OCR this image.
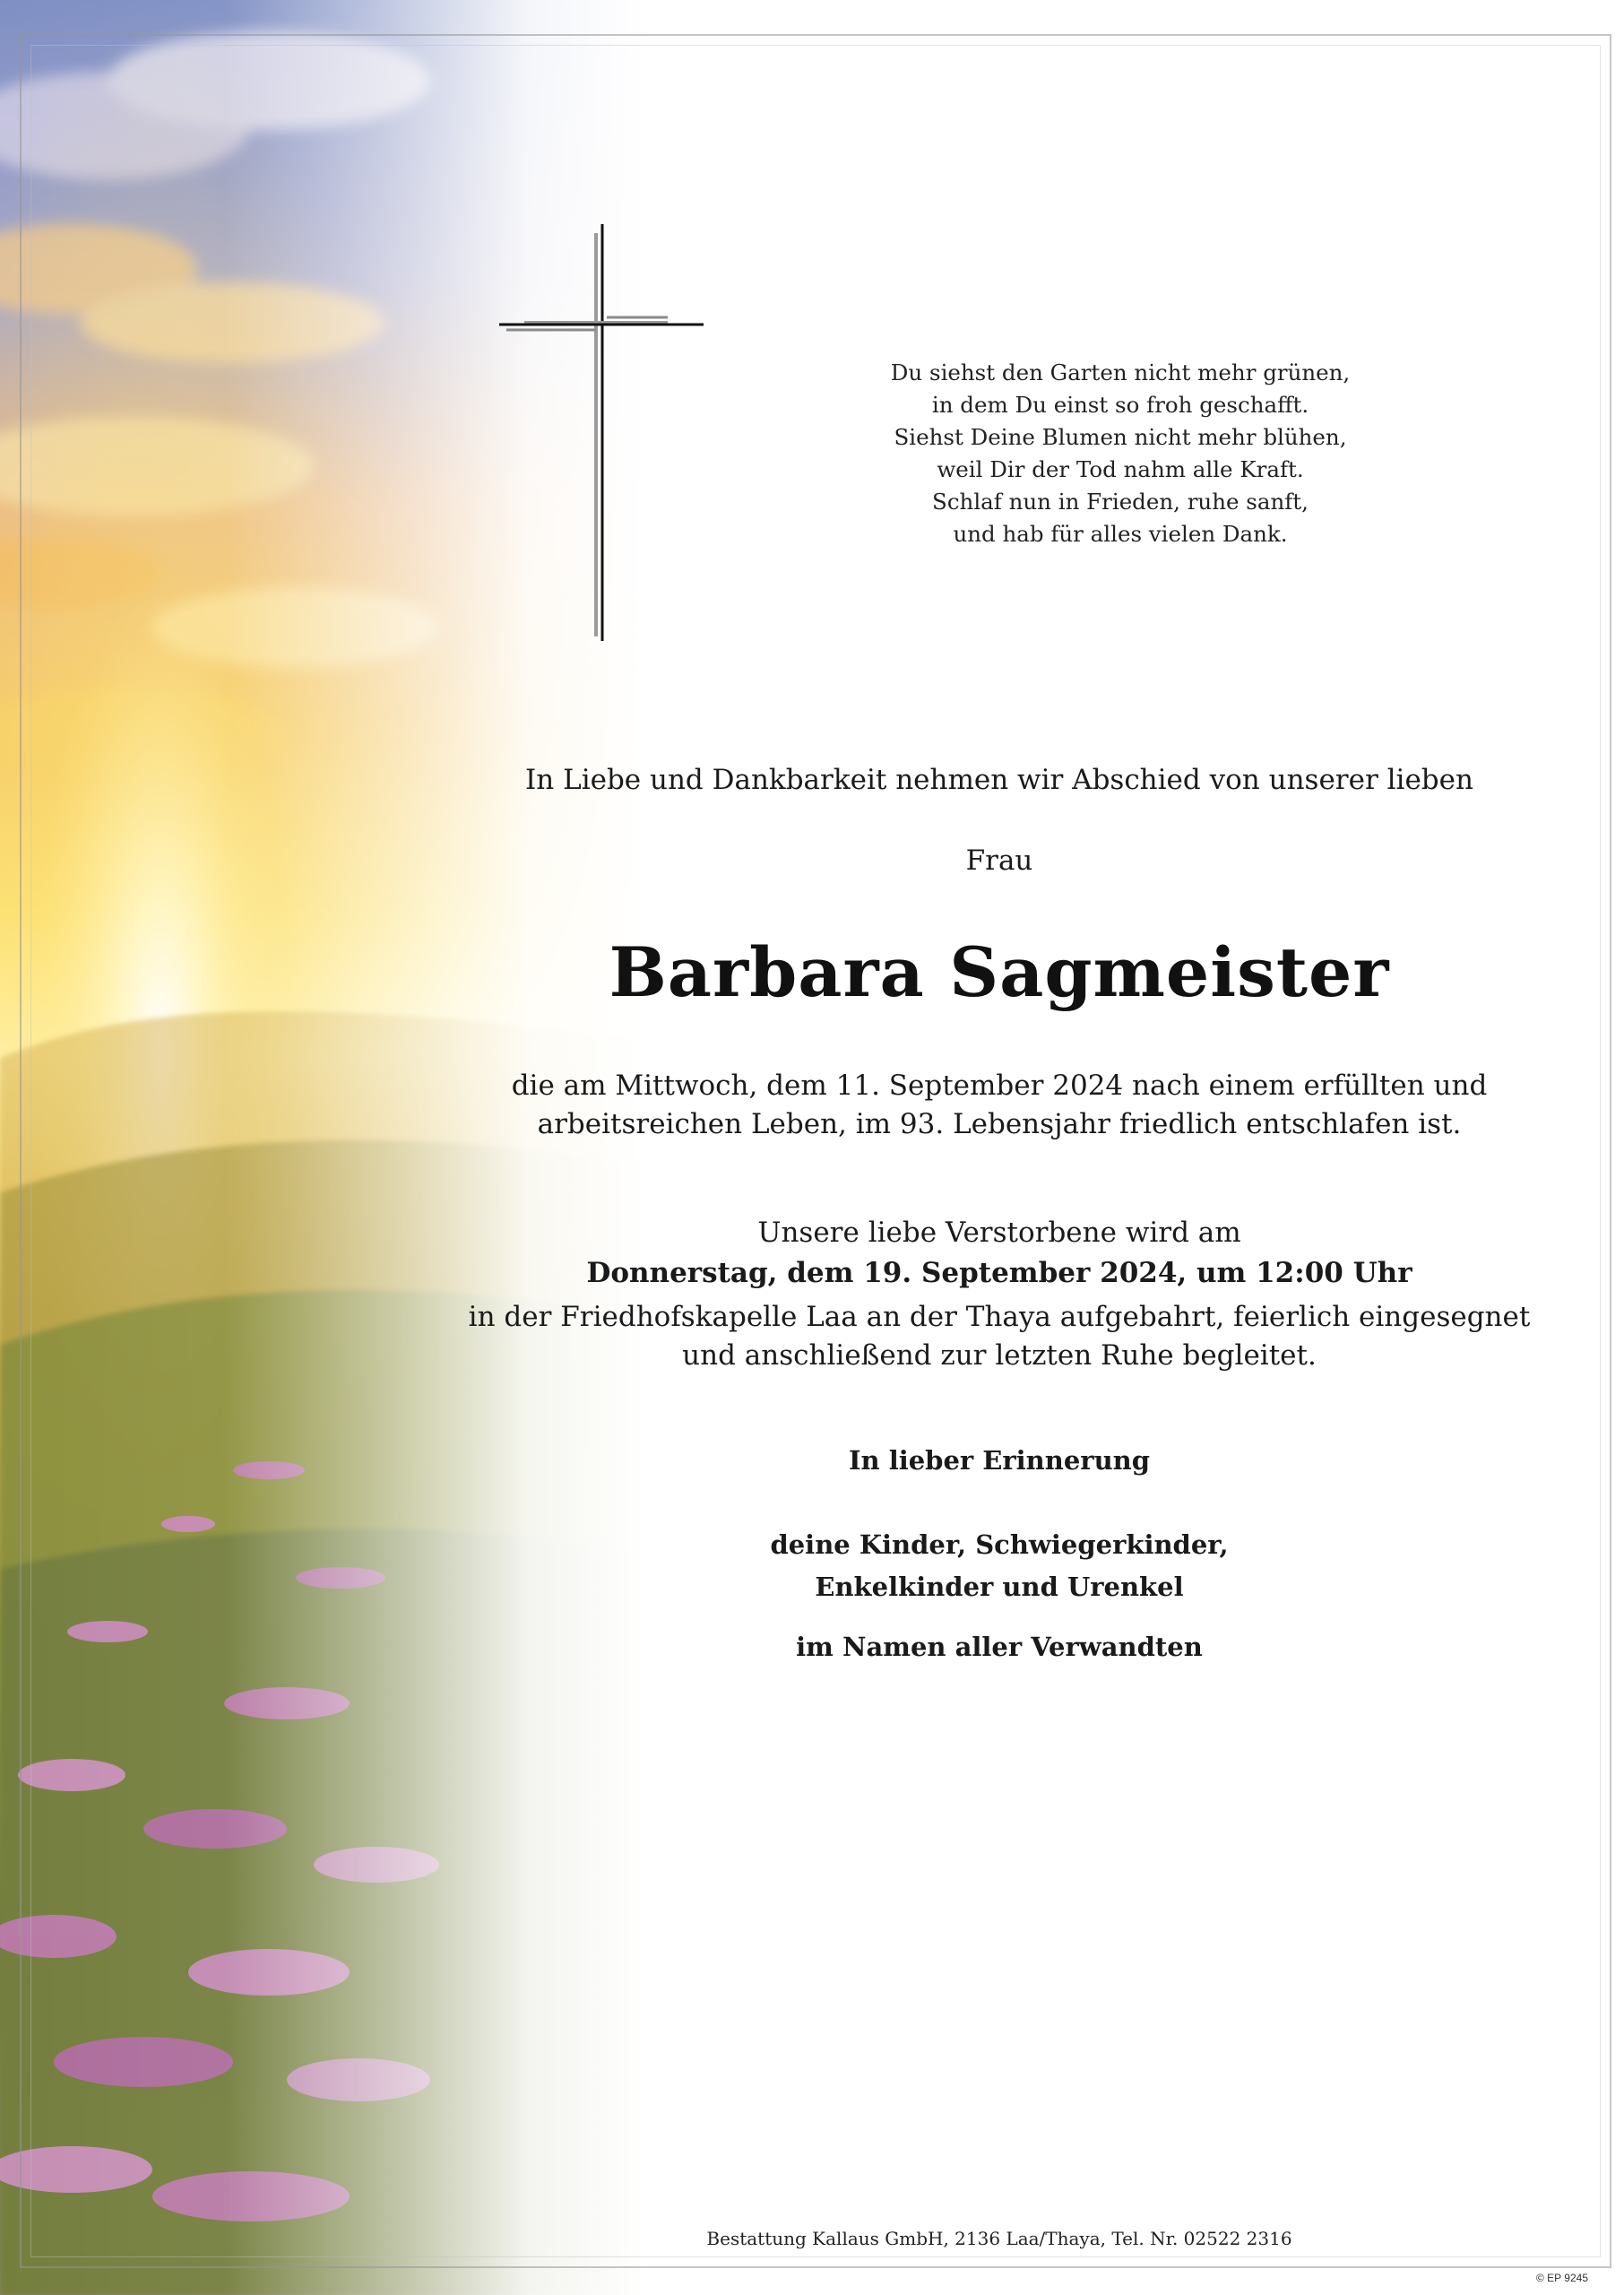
Du siehst den Garten nicht mehr grünen,
in dem Du einst so froh geschafft.
Siehst Deine Blumen nicht mehr blühen,
weil Dir der Tod nahm alle Kraft.
Schlaf nun in Frieden, ruhe sanft,
und hab für alles vielen Dank.
In Liebe und Dankbarkeit nehmen wir Abschied von unserer lieben
Frau
Barbara Sagmeister
die am Mittwoch, dem 11. September 2024 nach einem erfüllten und
arbeitsreichen Leben, im 93. Lebensjahr friedlich entschlafen ist.
Unsere liebe Verstorbene wird am
Donnerstag, dem 19. September 2024, um 12:00 Uhr
in der Friedhofskapelle Laa an der Thaya aufgebahrt, feierlich eingesegnet
und anschließend zur letzten Ruhe begleitet.
In lieber Erinnerung
deine Kinder, Schwiegerkinder,
Enkelkinder und Urenkel
im Namen aller Verwandten
Bestattung Kallaus GmbH, 2136 Laa/Thaya, Tel. Nr. 02522 2316
© EP 9245
